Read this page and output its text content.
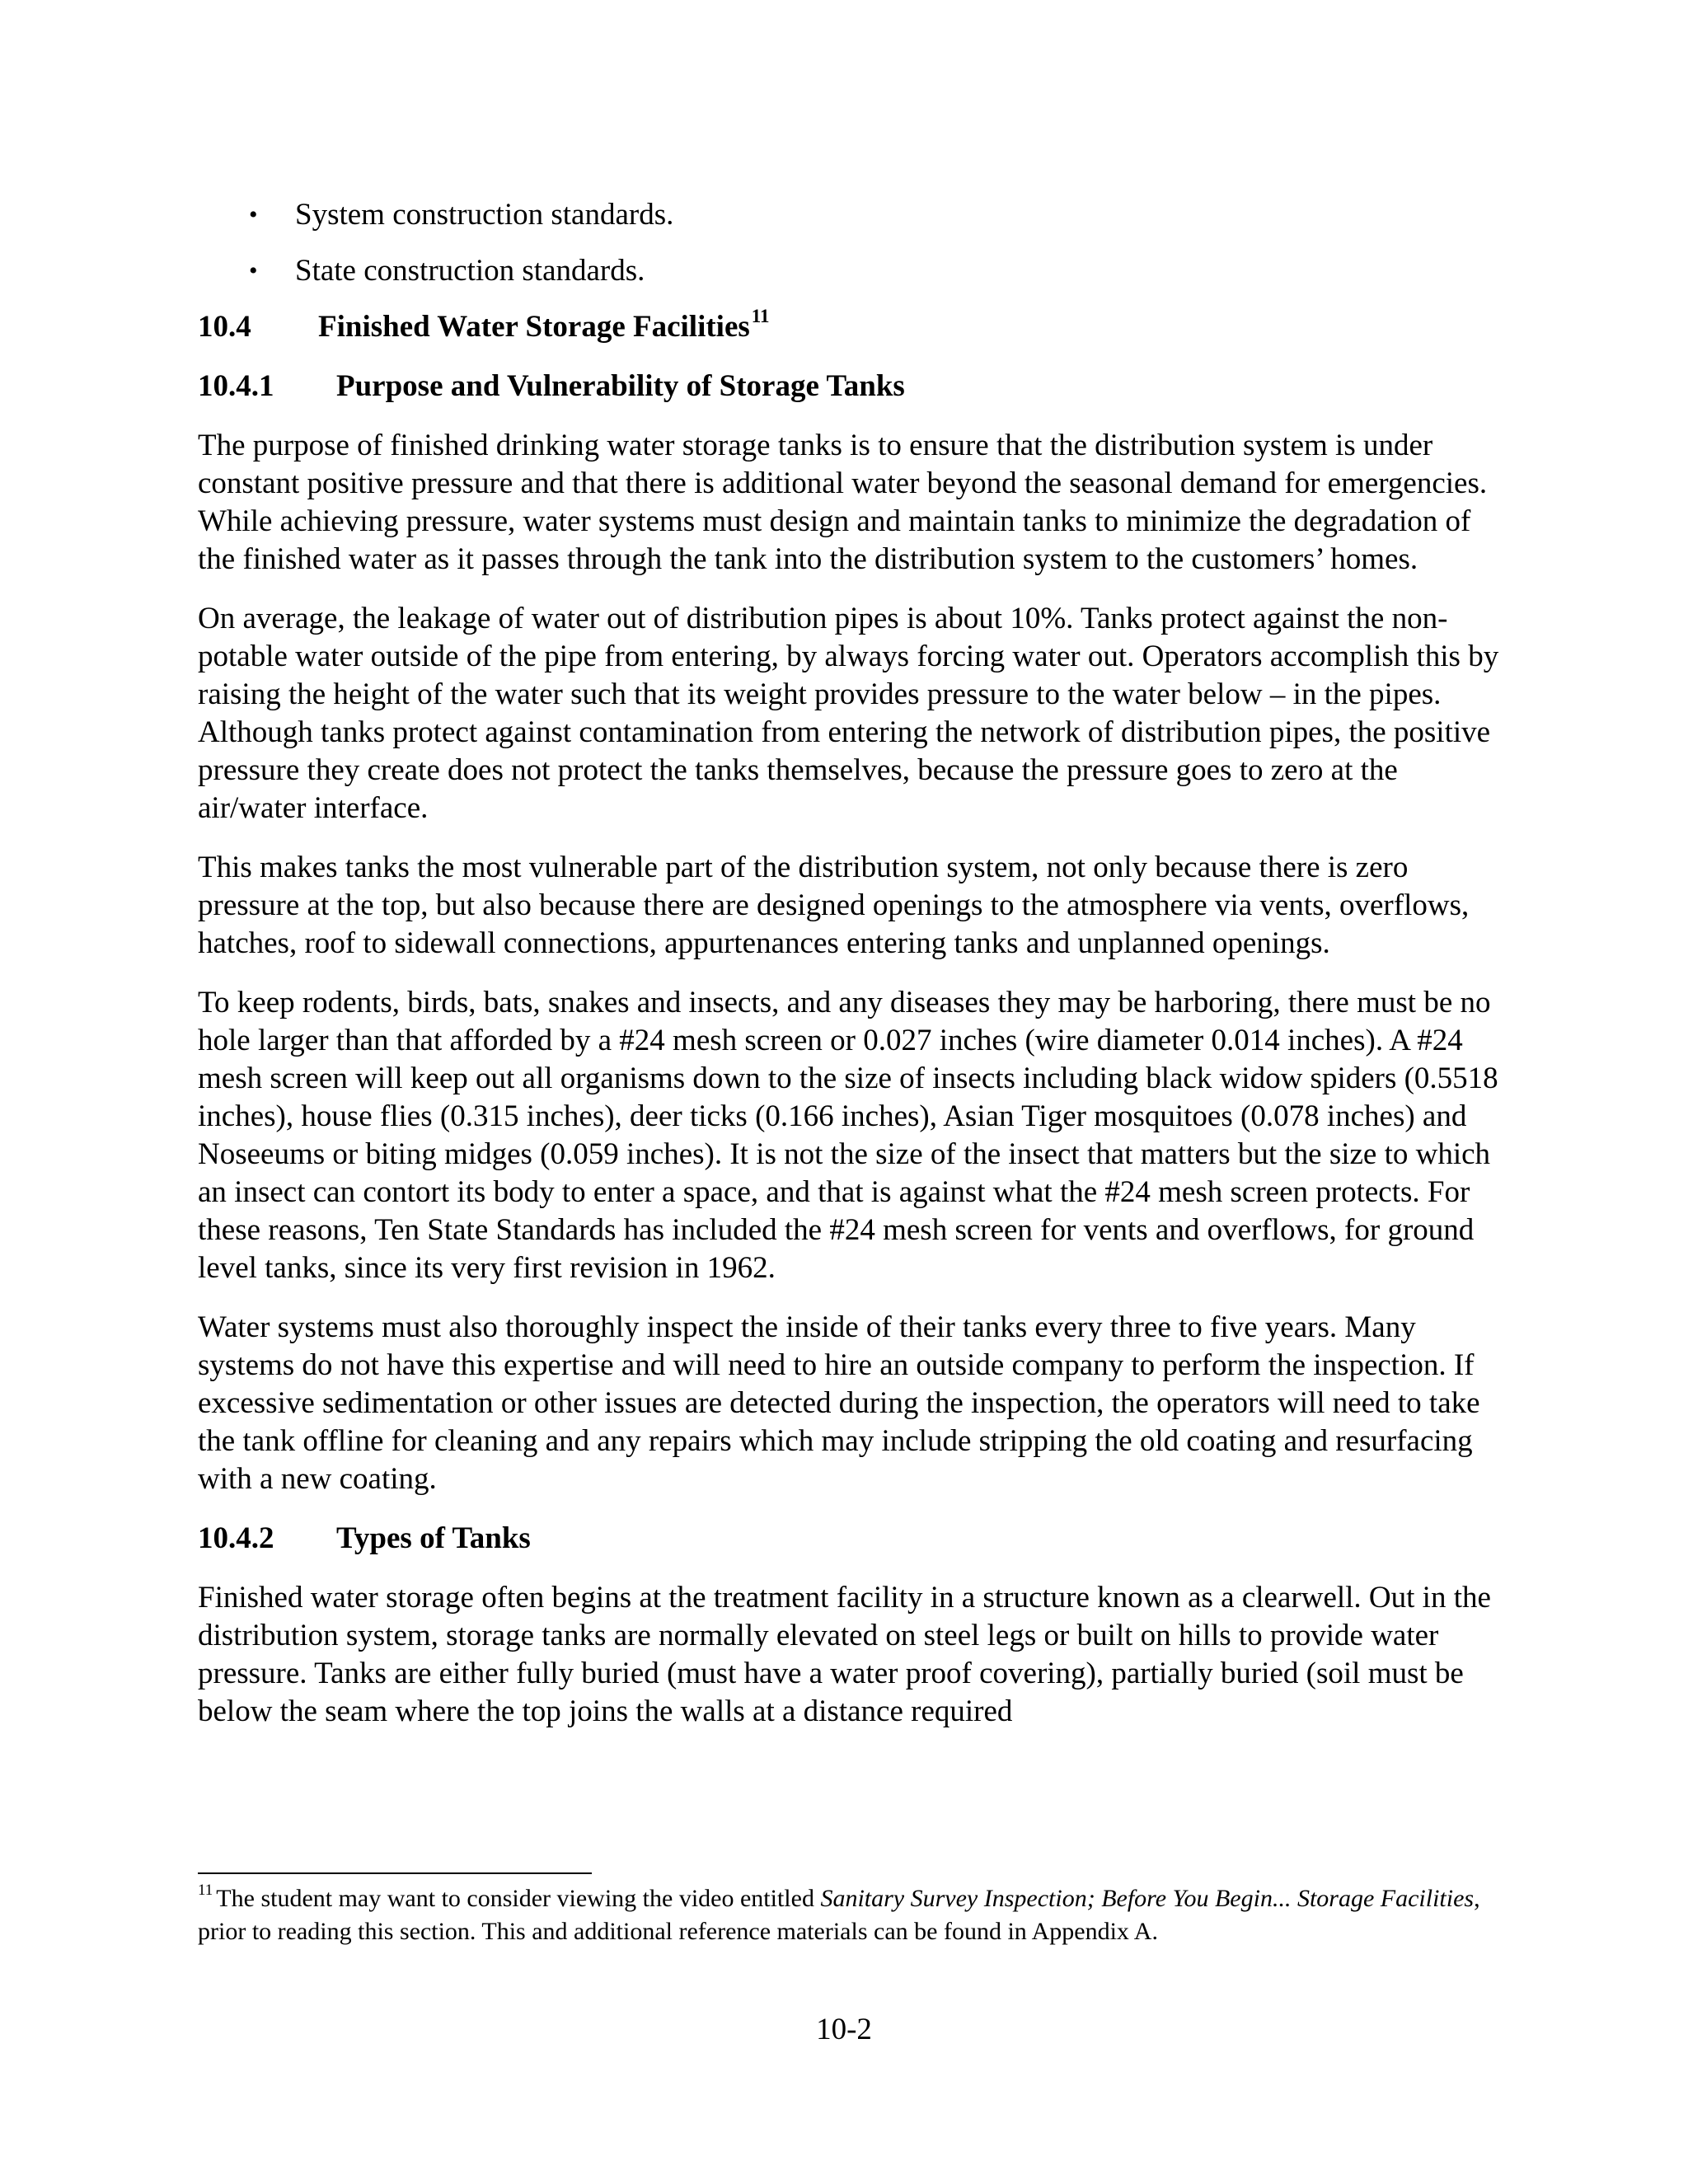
• System construction standards.
• State construction standards.
10.4 Finished Water Storage Facilities$^{11}$
10.4.1 Purpose and Vulnerability of Storage Tanks

The purpose of finished drinking water storage tanks is to ensure that the distribution system is under constant positive pressure and that there is additional water beyond the seasonal demand for emergencies. While achieving pressure, water systems must design and maintain tanks to minimize the degradation of the finished water as it passes through the tank into the distribution system to the customers’ homes.

On average, the leakage of water out of distribution pipes is about 10%. Tanks protect against the non-potable water outside of the pipe from entering, by always forcing water out. Operators accomplish this by raising the height of the water such that its weight provides pressure to the water below – in the pipes. Although tanks protect against contamination from entering the network of distribution pipes, the positive pressure they create does not protect the tanks themselves, because the pressure goes to zero at the air/water interface.

This makes tanks the most vulnerable part of the distribution system, not only because there is zero pressure at the top, but also because there are designed openings to the atmosphere via vents, overflows, hatches, roof to sidewall connections, appurtenances entering tanks and unplanned openings.

To keep rodents, birds, bats, snakes and insects, and any diseases they may be harboring, there must be no hole larger than that afforded by a #24 mesh screen or 0.027 inches (wire diameter 0.014 inches). A #24 mesh screen will keep out all organisms down to the size of insects including black widow spiders (0.5518 inches), house flies (0.315 inches), deer ticks (0.166 inches), Asian Tiger mosquitoes (0.078 inches) and Noseeums or biting midges (0.059 inches). It is not the size of the insect that matters but the size to which an insect can contort its body to enter a space, and that is against what the #24 mesh screen protects. For these reasons, Ten State Standards has included the #24 mesh screen for vents and overflows, for ground level tanks, since its very first revision in 1962.

Water systems must also thoroughly inspect the inside of their tanks every three to five years. Many systems do not have this expertise and will need to hire an outside company to perform the inspection. If excessive sedimentation or other issues are detected during the inspection, the operators will need to take the tank offline for cleaning and any repairs which may include stripping the old coating and resurfacing with a new coating.

10.4.2 Types of Tanks

Finished water storage often begins at the treatment facility in a structure known as a clearwell. Out in the distribution system, storage tanks are normally elevated on steel legs or built on hills to provide water pressure. Tanks are either fully buried (must have a water proof covering), partially buried (soil must be below the seam where the top joins the walls at a distance required

$^{11}$ The student may want to consider viewing the video entitled Sanitary Survey Inspection; Before You Begin... Storage Facilities, prior to reading this section. This and additional reference materials can be found in Appendix A.
10-2
